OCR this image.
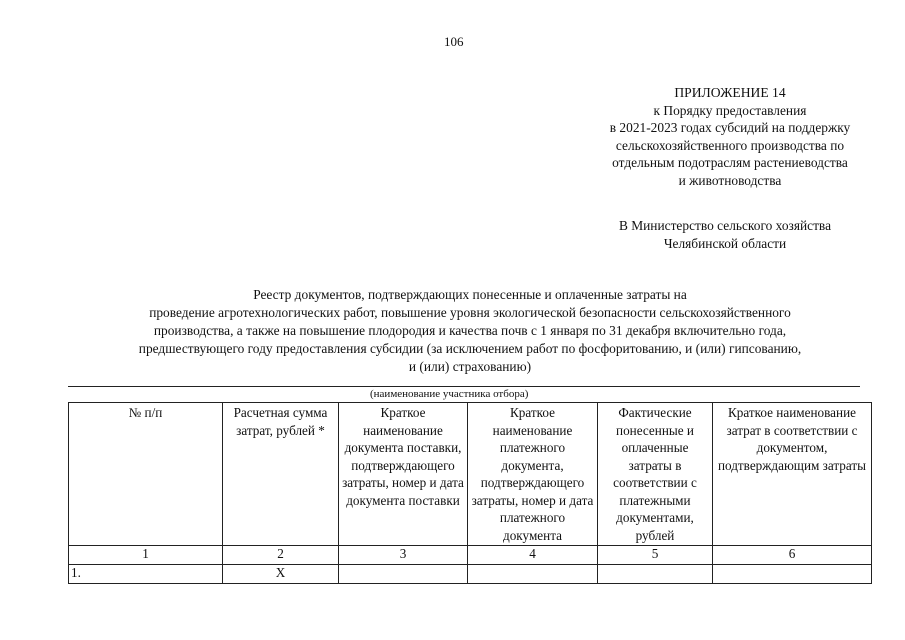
106
ПРИЛОЖЕНИЕ 14
к Порядку предоставления
в 2021-2023 годах субсидий на поддержку
сельскохозяйственного производства по
отдельным подотраслям растениеводства
и животноводства
В Министерство сельского хозяйства
Челябинской области
Реестр документов, подтверждающих понесенные и оплаченные затраты на
проведение агротехнологических работ, повышение уровня экологической безопасности сельскохозяйственного
производства, а также на повышение плодородия и качества почв с 1 января по 31 декабря включительно года,
предшествующего году предоставления субсидии (за исключением работ по фосфоритованию, и (или) гипсованию,
и (или) страхованию)
(наименование участника отбора)
№ п/п	Расчетная сумма затрат, рублей *	Краткое наименование документа поставки, подтверждающего затраты, номер и дата документа поставки	Краткое наименование платежного документа, подтверждающего затраты, номер и дата платежного документа	Фактические понесенные и оплаченные затраты в соответствии с платежными документами, рублей	Краткое наименование затрат в соответствии с документом, подтверждающим затраты
1	2	3	4	5	6
1.	Х				
